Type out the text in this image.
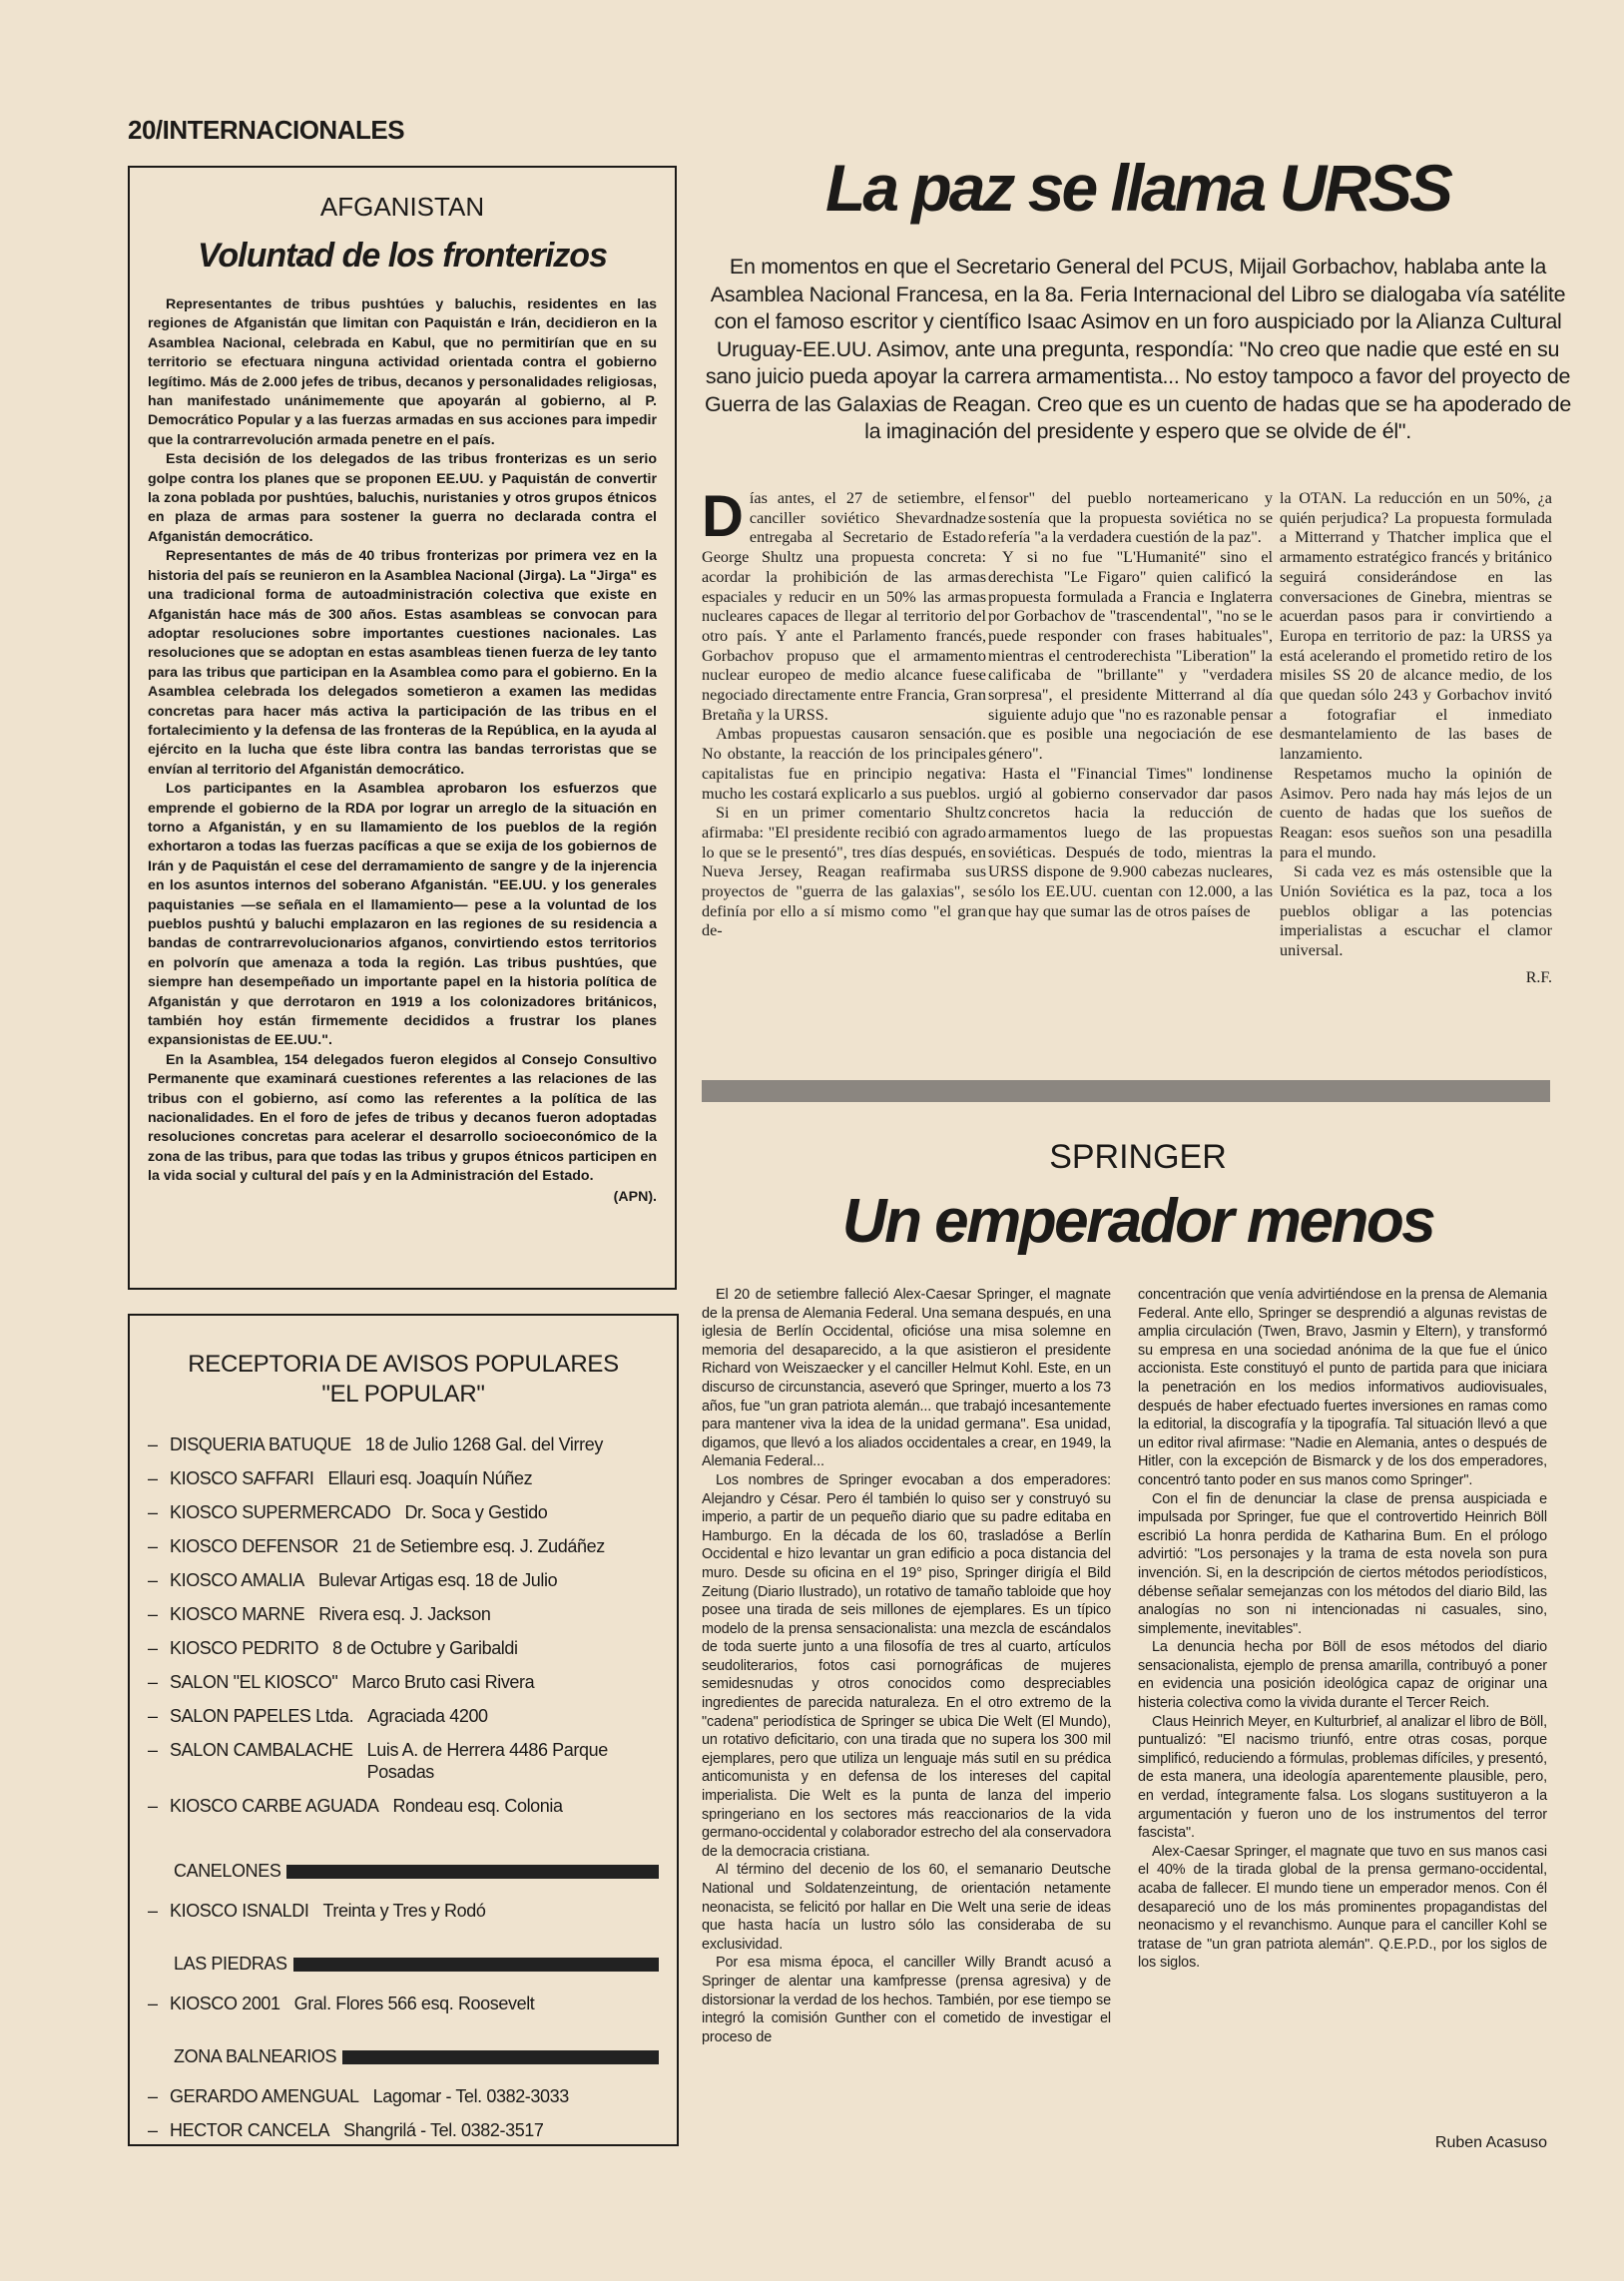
20/INTERNACIONALES
AFGANISTAN
Voluntad de los fronterizos

Representantes de tribus pushtúes y baluchis, residentes en las regiones de Afganistán que limitan con Paquistán e Irán, decidieron en la Asamblea Nacional, celebrada en Kabul, que no permitirían que en su territorio se efectuara ninguna actividad orientada contra el gobierno legítimo. Más de 2.000 jefes de tribus, decanos y personalidades religiosas, han manifestado unánimemente que apoyarán al gobierno, al P. Democrático Popular y a las fuerzas armadas en sus acciones para impedir que la contrarrevolución armada penetre en el país.

Esta decisión de los delegados de las tribus fronterizas es un serio golpe contra los planes que se proponen EE.UU. y Paquistán de convertir la zona poblada por pushtúes, baluchis, nuristanies y otros grupos étnicos en plaza de armas para sostener la guerra no declarada contra el Afganistán democrático.

Representantes de más de 40 tribus fronterizas por primera vez en la historia del país se reunieron en la Asamblea Nacional (Jirga). La "Jirga" es una tradicional forma de autoadministración colectiva que existe en Afganistán hace más de 300 años. Estas asambleas se convocan para adoptar resoluciones sobre importantes cuestiones nacionales. Las resoluciones que se adoptan en estas asambleas tienen fuerza de ley tanto para las tribus que participan en la Asamblea como para el gobierno. En la Asamblea celebrada los delegados sometieron a examen las medidas concretas para hacer más activa la participación de las tribus en el fortalecimiento y la defensa de las fronteras de la República, en la ayuda al ejército en la lucha que éste libra contra las bandas terroristas que se envían al territorio del Afganistán democrático.

Los participantes en la Asamblea aprobaron los esfuerzos que emprende el gobierno de la RDA por lograr un arreglo de la situación en torno a Afganistán, y en su llamamiento de los pueblos de la región exhortaron a todas las fuerzas pacíficas a que se exija de los gobiernos de Irán y de Paquistán el cese del derramamiento de sangre y de la injerencia en los asuntos internos del soberano Afganistán. "EE.UU. y los generales paquistanies —se señala en el llamamiento— pese a la voluntad de los pueblos pushtú y baluchi emplazaron en las regiones de su residencia a bandas de contrarrevolucionarios afganos, convirtiendo estos territorios en polvorín que amenaza a toda la región. Las tribus pushtúes, que siempre han desempeñado un importante papel en la historia política de Afganistán y que derrotaron en 1919 a los colonizadores británicos, también hoy están firmemente decididos a frustrar los planes expansionistas de EE.UU.".

En la Asamblea, 154 delegados fueron elegidos al Consejo Consultivo Permanente que examinará cuestiones referentes a las relaciones de las tribus con el gobierno, así como las referentes a la política de las nacionalidades. En el foro de jefes de tribus y decanos fueron adoptadas resoluciones concretas para acelerar el desarrollo socioeconómico de la zona de las tribus, para que todas las tribus y grupos étnicos participen en la vida social y cultural del país y en la Administración del Estado.

(APN).
RECEPTORIA DE AVISOS POPULARES
"EL POPULAR"
– DISQUERIA BATUQUE 18 de Julio 1268 Gal. del Virrey
– KIOSCO SAFFARI Ellauri esq. Joaquín Núñez
– KIOSCO SUPERMERCADO Dr. Soca y Gestido
– KIOSCO DEFENSOR 21 de Setiembre esq. J. Zudáñez
– KIOSCO AMALIA Bulevar Artigas esq. 18 de Julio
– KIOSCO MARNE Rivera esq. J. Jackson
– KIOSCO PEDRITO 8 de Octubre y Garibaldi
– SALON "EL KIOSCO" Marco Bruto casi Rivera
– SALON PAPELES Ltda. Agraciada 4200
– SALON CAMBALACHE Luis A. de Herrera 4486 Parque Posadas
– KIOSCO CARBE AGUADA Rondeau esq. Colonia
CANELONES
– KIOSCO ISNALDI Treinta y Tres y Rodó
LAS PIEDRAS
– KIOSCO 2001 Gral. Flores 566 esq. Roosevelt
ZONA BALNEARIOS
– GERARDO AMENGUAL Lagomar - Tel. 0382-3033
– HECTOR CANCELA Shangrilá - Tel. 0382-3517
La paz se llama URSS
En momentos en que el Secretario General del PCUS, Mijail Gorbachov, hablaba ante la Asamblea Nacional Francesa, en la 8a. Feria Internacional del Libro se dialogaba vía satélite con el famoso escritor y científico Isaac Asimov en un foro auspiciado por la Alianza Cultural Uruguay-EE.UU. Asimov, ante una pregunta, respondía: "No creo que nadie que esté en su sano juicio pueda apoyar la carrera armamentista... No estoy tampoco a favor del proyecto de Guerra de las Galaxias de Reagan. Creo que es un cuento de hadas que se ha apoderado de la imaginación del presidente y espero que se olvide de él".

Días antes, el 27 de setiembre, el canciller soviético Shevardnadze entregaba al Secretario de Estado George Shultz una propuesta concreta: acordar la prohibición de las armas espaciales y reducir en un 50% las armas nucleares capaces de llegar al territorio del otro país. Y ante el Parlamento francés, Gorbachov propuso que el armamento nuclear europeo de medio alcance fuese negociado directamente entre Francia, Gran Bretaña y la URSS.

Ambas propuestas causaron sensación. No obstante, la reacción de los principales capitalistas fue en principio negativa: mucho les costará explicarlo a sus pueblos.

Si en un primer comentario Shultz afirmaba: "El presidente recibió con agrado lo que se le presentó", tres días después, en Nueva Jersey, Reagan reafirmaba sus proyectos de "guerra de las galaxias", se definía por ello a sí mismo como "el gran de-

fensor" del pueblo norteamericano y sostenía que la propuesta soviética no se refería "a la verdadera cuestión de la paz".

Y si no fue "L'Humanité" sino el derechista "Le Figaro" quien calificó la propuesta formulada a Francia e Inglaterra por Gorbachov de "trascendental", "no se le puede responder con frases habituales", mientras el centroderechista "Liberation" la calificaba de "brillante" y "verdadera sorpresa", el presidente Mitterrand al día siguiente adujo que "no es razonable pensar que es posible una negociación de ese género".

Hasta el "Financial Times" londinense urgió al gobierno conservador dar pasos concretos hacia la reducción de armamentos luego de las propuestas soviéticas. Después de todo, mientras la URSS dispone de 9.900 cabezas nucleares, sólo los EE.UU. cuentan con 12.000, a las que hay que sumar las de otros países de

la OTAN. La reducción en un 50%, ¿a quién perjudica? La propuesta formulada a Mitterrand y Thatcher implica que el armamento estratégico francés y británico seguirá considerándose en las conversaciones de Ginebra, mientras se acuerdan pasos para ir convirtiendo a Europa en territorio de paz: la URSS ya está acelerando el prometido retiro de los misiles SS 20 de alcance medio, de los que quedan sólo 243 y Gorbachov invitó a fotografiar el inmediato desmantelamiento de las bases de lanzamiento.

Respetamos mucho la opinión de Asimov. Pero nada hay más lejos de un cuento de hadas que los sueños de Reagan: esos sueños son una pesadilla para el mundo.

Si cada vez es más ostensible que la Unión Soviética es la paz, toca a los pueblos obligar a las potencias imperialistas a escuchar el clamor universal.

R.F.
SPRINGER
Un emperador menos

El 20 de setiembre falleció Alex-Caesar Springer, el magnate de la prensa de Alemania Federal. Una semana después, en una iglesia de Berlín Occidental, oficióse una misa solemne en memoria del desaparecido, a la que asistieron el presidente Richard von Weiszaecker y el canciller Helmut Kohl. Este, en un discurso de circunstancia, aseveró que Springer, muerto a los 73 años, fue "un gran patriota alemán... que trabajó incesantemente para mantener viva la idea de la unidad germana". Esa unidad, digamos, que llevó a los aliados occidentales a crear, en 1949, la Alemania Federal...

Los nombres de Springer evocaban a dos emperadores: Alejandro y César. Pero él también lo quiso ser y construyó su imperio, a partir de un pequeño diario que su padre editaba en Hamburgo. En la década de los 60, trasladóse a Berlín Occidental e hizo levantar un gran edificio a poca distancia del muro. Desde su oficina en el 19° piso, Springer dirigía el Bild Zeitung (Diario Ilustrado), un rotativo de tamaño tabloide que hoy posee una tirada de seis millones de ejemplares. Es un típico modelo de la prensa sensacionalista: una mezcla de escándalos de toda suerte junto a una filosofía de tres al cuarto, artículos seudoliterarios, fotos casi pornográficas de mujeres semidesnudas y otros conocidos como despreciables ingredientes de parecida naturaleza. En el otro extremo de la "cadena" periodística de Springer se ubica Die Welt (El Mundo), un rotativo deficitario, con una tirada que no supera los 300 mil ejemplares, pero que utiliza un lenguaje más sutil en su prédica anticomunista y en defensa de los intereses del capital imperialista. Die Welt es la punta de lanza del imperio springeriano en los sectores más reaccionarios de la vida germano-occidental y colaborador estrecho del ala conservadora de la democracia cristiana.

Al término del decenio de los 60, el semanario Deutsche National und Soldatenzeintung, de orientación netamente neonacista, se felicitó por hallar en Die Welt una serie de ideas que hasta hacía un lustro sólo las consideraba de su exclusividad.

Por esa misma época, el canciller Willy Brandt acusó a Springer de alentar una kamfpresse (prensa agresiva) y de distorsionar la verdad de los hechos. También, por ese tiempo se integró la comisión Gunther con el cometido de investigar el proceso de

concentración que venía advirtiéndose en la prensa de Alemania Federal. Ante ello, Springer se desprendió a algunas revistas de amplia circulación (Twen, Bravo, Jasmin y Eltern), y transformó su empresa en una sociedad anónima de la que fue el único accionista. Este constituyó el punto de partida para que iniciara la penetración en los medios informativos audiovisuales, después de haber efectuado fuertes inversiones en ramas como la editorial, la discografía y la tipografía. Tal situación llevó a que un editor rival afirmase: "Nadie en Alemania, antes o después de Hitler, con la excepción de Bismarck y de los dos emperadores, concentró tanto poder en sus manos como Springer".

Con el fin de denunciar la clase de prensa auspiciada e impulsada por Springer, fue que el controvertido Heinrich Böll escribió La honra perdida de Katharina Bum. En el prólogo advirtió: "Los personajes y la trama de esta novela son pura invención. Si, en la descripción de ciertos métodos periodísticos, débense señalar semejanzas con los métodos del diario Bild, las analogías no son ni intencionadas ni casuales, sino, simplemente, inevitables".

La denuncia hecha por Böll de esos métodos del diario sensacionalista, ejemplo de prensa amarilla, contribuyó a poner en evidencia una posición ideológica capaz de originar una histeria colectiva como la vivida durante el Tercer Reich.

Claus Heinrich Meyer, en Kulturbrief, al analizar el libro de Böll, puntualizó: "El nacismo triunfó, entre otras cosas, porque simplificó, reduciendo a fórmulas, problemas difíciles, y presentó, de esta manera, una ideología aparentemente plausible, pero, en verdad, íntegramente falsa. Los slogans sustituyeron a la argumentación y fueron uno de los instrumentos del terror fascista".

Alex-Caesar Springer, el magnate que tuvo en sus manos casi el 40% de la tirada global de la prensa germano-occidental, acaba de fallecer. El mundo tiene un emperador menos. Con él desapareció uno de los más prominentes propagandistas del neonacismo y el revanchismo. Aunque para el canciller Kohl se tratase de "un gran patriota alemán". Q.E.P.D., por los siglos de los siglos.

Ruben Acasuso
